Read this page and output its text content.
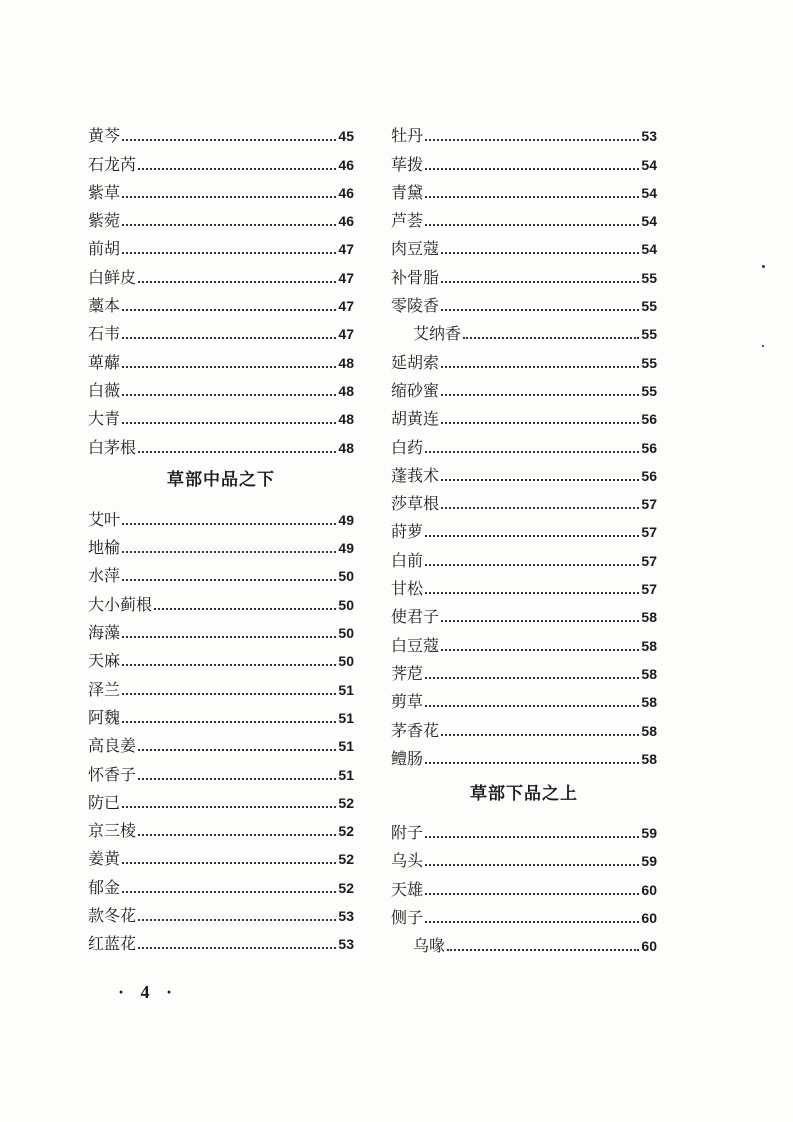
黄芩	45
石龙芮	46
紫草	46
紫菀	46
前胡	47
白鲜皮	47
藁本	47
石韦	47
萆薢	48
白薇	48
大青	48
白茅根	48
草部中品之下
艾叶	49
地榆	49
水萍	50
大小蓟根	50
海藻	50
天麻	50
泽兰	51
阿魏	51
高良姜	51
怀香子	51
防已	52
京三棱	52
姜黄	52
郁金	52
款冬花	53
红蓝花	53
牡丹	53
荜拨	54
青黛	54
芦荟	54
肉豆蔻	54
补骨脂	55
零陵香	55
艾纳香	55
延胡索	55
缩砂蜜	55
胡黄连	56
白药	56
蓬莪术	56
莎草根	57
莳萝	57
白前	57
甘松	57
使君子	58
白豆蔻	58
荠苨	58
剪草	58
茅香花	58
鳢肠	58
草部下品之上
附子	59
乌头	59
天雄	60
侧子	60
乌喙	60
· 4 ·
